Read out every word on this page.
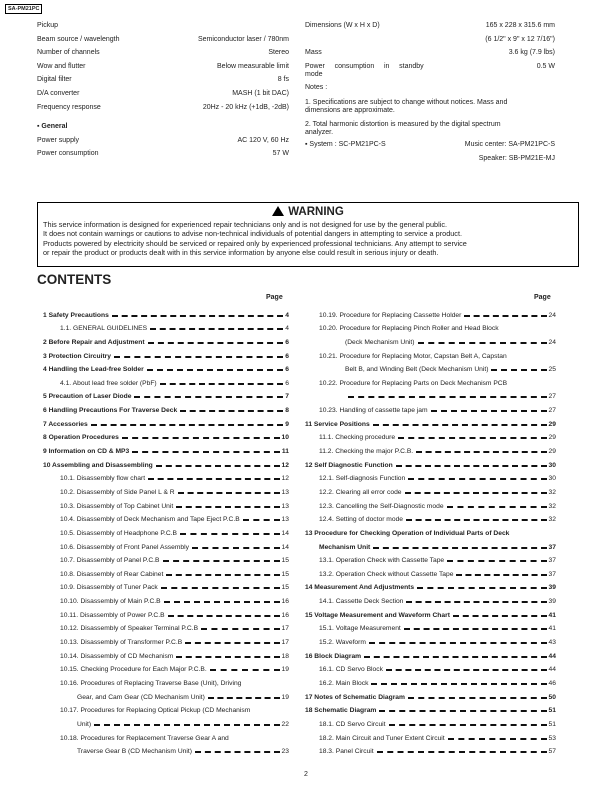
SA-PM21PC
Pickup
Beam source / wavelength	Semiconductor laser / 780nm
Number of channels	Stereo
Wow and flutter	Below measurable limit
Digital filter	8 fs
D/A converter	MASH (1 bit DAC)
Frequency response	20Hz - 20 kHz (+1dB, -2dB)
▪ General
Power supply	AC 120 V, 60 Hz
Power consumption	57 W
Dimensions (W x H x D)	165 x 228 x 315.6 mm
(6 1/2" x 9" x 12 7/16")
Mass	3.6 kg (7.9 lbs)
Power     consumption     in     standby	0.5 W
mode
Notes :
1. Specifications are subject to change without notices. Mass and
dimensions are approximate.
2. Total harmonic distortion is measured by the digital spectrum
analyzer.
▪ System : SC-PM21PC-S	Music center: SA-PM21PC-S
Speaker: SB-PM21E-MJ
WARNING
This service information is designed for experienced repair technicians only and is not designed for use by the general public.
It does not contain warnings or cautions to advise non-technical individuals of potential dangers in attempting to service a product.
Products powered by electricity should be serviced or repaired only by experienced professional technicians. Any attempt to service
or repair the product or products dealt with in this service information by anyone else could result in serious injury or death.
CONTENTS
Page	Page
1 Safety Precautions	4
1.1. GENERAL GUIDELINES	4
2 Before Repair and Adjustment	6
3 Protection Circuitry	6
4 Handling the Lead-free Solder	6
4.1. About lead free solder (PbF)	6
5 Precaution of Laser Diode	7
6 Handling Precautions For Traverse Deck	8
7 Accessories	9
8 Operation Procedures	10
9 Information on CD & MP3	11
10 Assembling and Disassembling	12
10.1. Disassembly flow chart	12
10.2. Disassembly of Side Panel L & R	13
10.3. Disassembly of Top Cabinet Unit	13
10.4. Disassembly of Deck Mechanism and Tape Eject P.C.B	13
10.5. Disassembly of Headphone P.C.B	14
10.6. Disassembly of Front Panel Assembly	14
10.7. Disassembly of Panel P.C.B	15
10.8. Disassembly of Rear Cabinet	15
10.9. Disassembly of Tuner Pack	15
10.10. Disassembly of Main P.C.B	16
10.11. Disassembly of Power P.C.B	16
10.12. Disassembly of Speaker Terminal P.C.B	17
10.13. Disassembly of Transformer P.C.B	17
10.14. Disassembly of CD Mechanism	18
10.15. Checking Procedure for Each Major P.C.B.	19
10.16. Procedures of Replacing Traverse Base (Unit), Driving
Gear, and Cam Gear (CD Mechanism Unit)	19
10.17. Procedures for Replacing Optical Pickup (CD Mechanism
Unit)	22
10.18. Procedures for Replacement Traverse Gear A and
Traverse Gear B (CD Mechanism Unit)	23
10.19. Procedure for Replacing Cassette Holder	24
10.20. Procedure for Replacing Pinch Roller and Head Block
(Deck Mechanism Unit)	24
10.21. Procedure for Replacing Motor, Capstan Belt A, Capstan
Belt B, and Winding Belt (Deck Mechanism Unit)	25
10.22. Procedure for Replacing Parts on Deck Mechanism PCB
27
10.23. Handling of cassette tape jam	27
11 Service Positions	29
11.1. Checking procedure	29
11.2. Checking the major P.C.B.	29
12 Self Diagnostic Function	30
12.1. Self-diagnosis Function	30
12.2. Clearing all error code	32
12.3. Cancelling the Self-Diagnostic mode	32
12.4. Setting of doctor mode	32
13 Procedure for Checking Operation of Individual Parts of Deck
Mechanism Unit	37
13.1. Operation Check with Cassette Tape	37
13.2. Operation Check without Cassette Tape	37
14 Measurement And Adjustments	39
14.1. Cassette Deck Section	39
15 Voltage Measurement and Waveform Chart	41
15.1. Voltage Measurement	41
15.2. Waveform	43
16 Block Diagram	44
16.1. CD Servo Block	44
16.2. Main Block	46
17 Notes of Schematic Diagram	50
18 Schematic Diagram	51
18.1. CD Servo Circuit	51
18.2. Main Circuit and Tuner Extent Circuit	53
18.3. Panel Circuit	57
2
